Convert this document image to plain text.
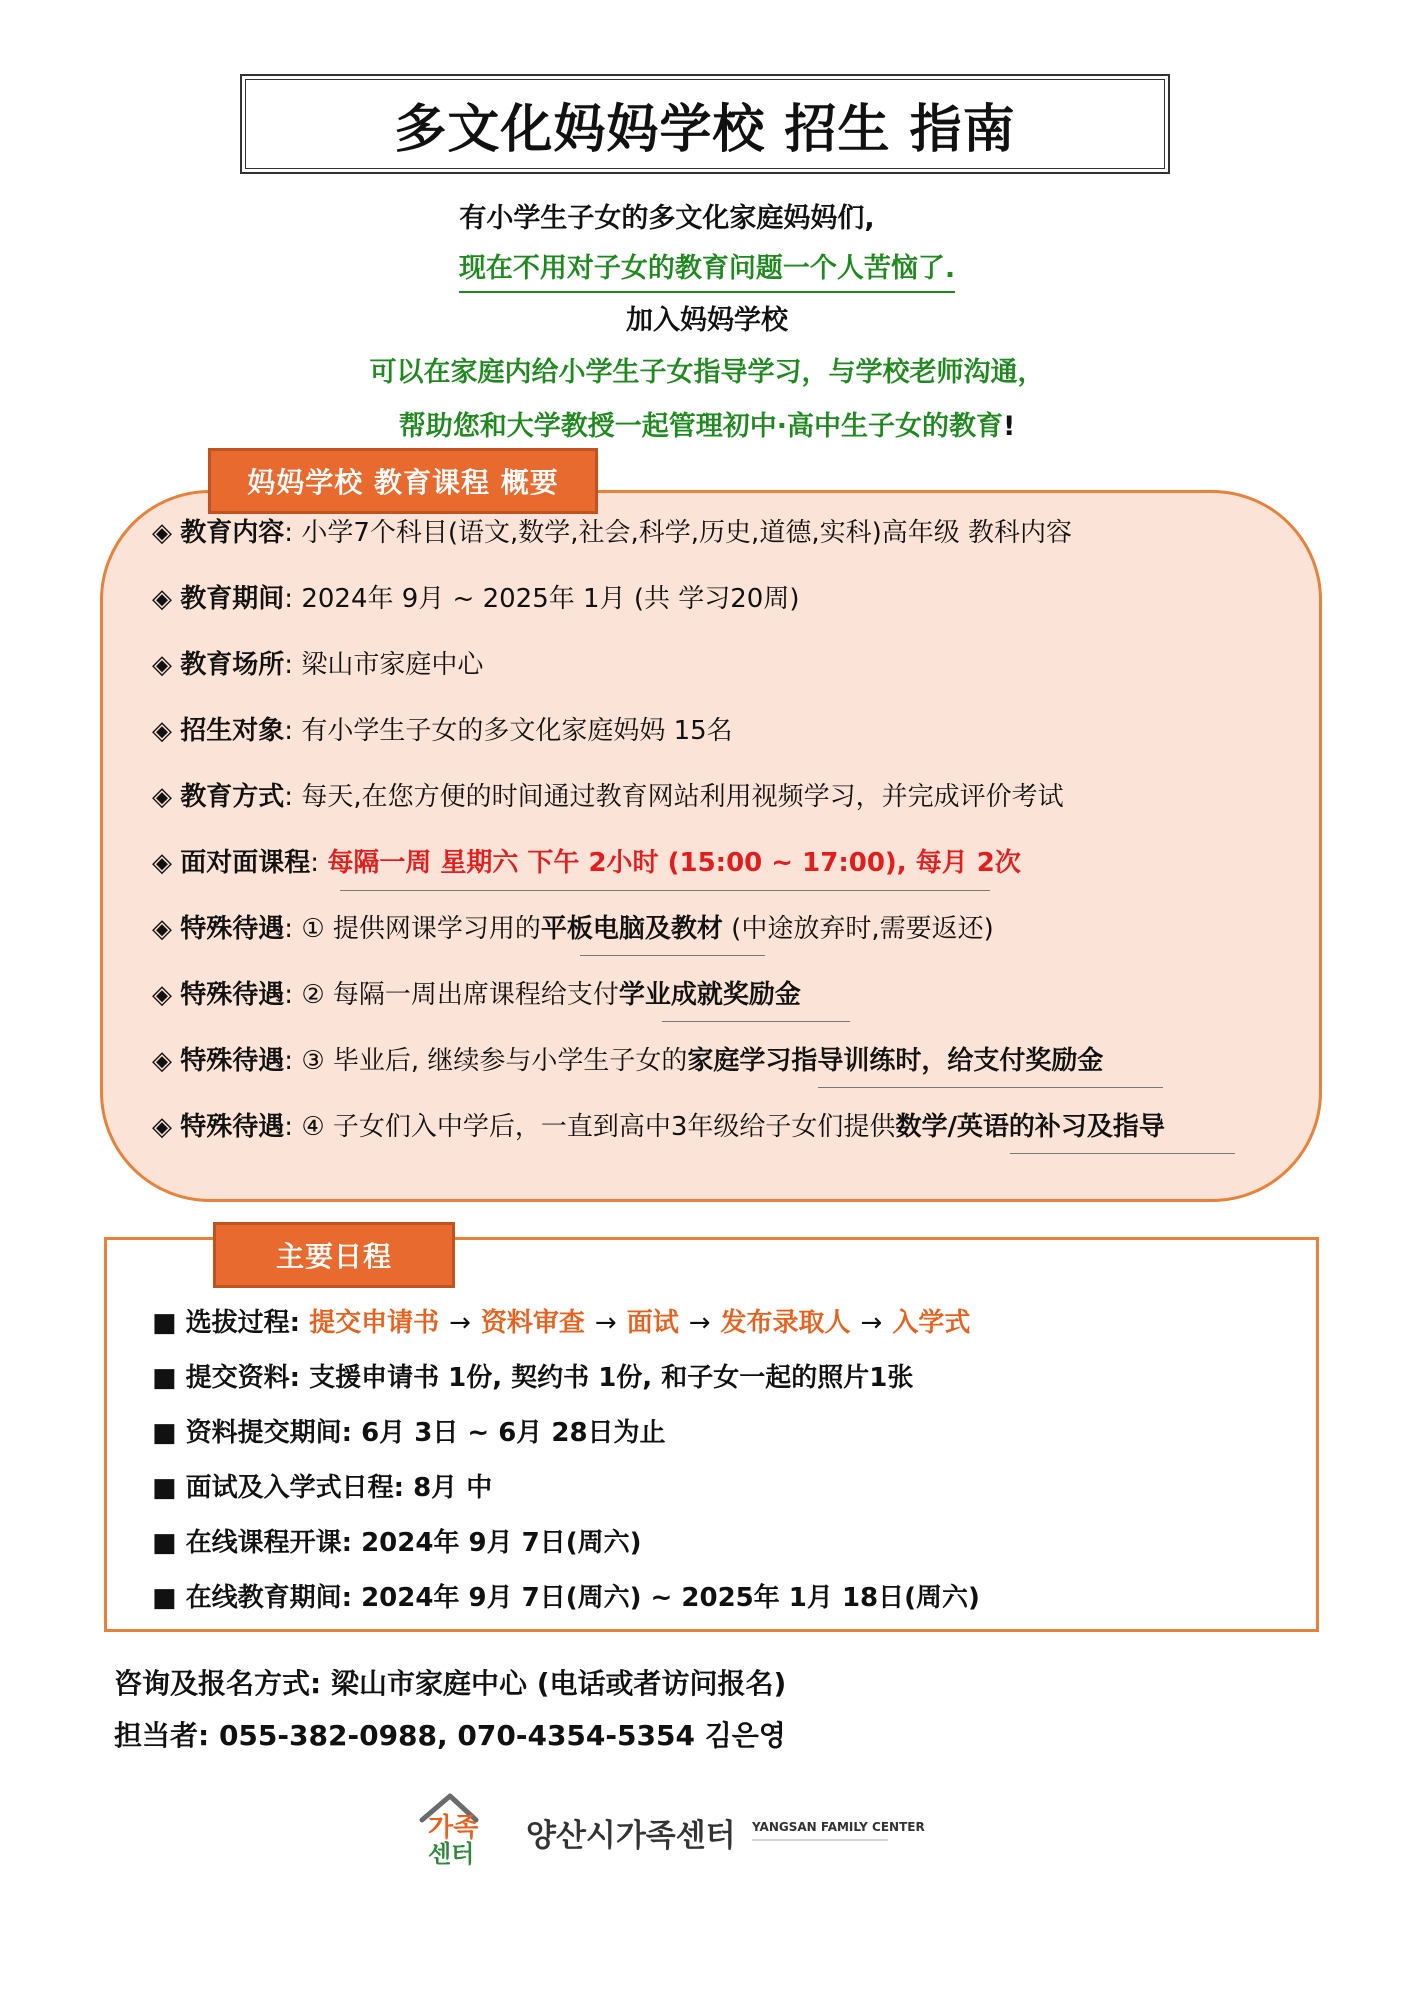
多文化妈妈学校 招生 指南
有小学生子女的多文化家庭妈妈们,
现在不用对子女的教育问题一个人苦恼了.
加入妈妈学校
可以在家庭内给小学生子女指导学习，与学校老师沟通，
帮助您和大学教授一起管理初中·高中生子女的教育!
妈妈学校 教育课程 概要
◈ 教育内容: 小学7个科目(语文,数学,社会,科学,历史,道德,实科)高年级 教科内容
◈ 教育期间: 2024年 9月 ~ 2025年 1月 (共 学习20周)
◈ 教育场所: 梁山市家庭中心
◈ 招生对象: 有小学生子女的多文化家庭妈妈 15名
◈ 教育方式: 每天,在您方便的时间通过教育网站利用视频学习，并完成评价考试
◈ 面对面课程: 每隔一周 星期六 下午 2小时 (15:00 ~ 17:00), 每月 2次
◈ 特殊待遇: ① 提供网课学习用的平板电脑及教材 (中途放弃时,需要返还)
◈ 特殊待遇: ② 每隔一周出席课程给支付学业成就奖励金
◈ 特殊待遇: ③ 毕业后, 继续参与小学生子女的家庭学习指导训练时，给支付奖励金
◈ 特殊待遇: ④ 子女们入中学后，一直到高中3年级给子女们提供数学/英语的补习及指导
主要日程
■ 选拔过程: 提交申请书 → 资料审查 → 面试 → 发布录取人 → 入学式
■ 提交资料: 支援申请书 1份, 契约书 1份, 和子女一起的照片1张
■ 资料提交期间: 6月 3日 ~ 6月 28日为止
■ 面试及入学式日程: 8月 中
■ 在线课程开课: 2024年 9月 7日(周六)
■ 在线教育期间: 2024年 9月 7日(周六) ~ 2025年 1月 18日(周六)
咨询及报名方式: 梁山市家庭中心 (电话或者访问报名)
担当者: 055-382-0988, 070-4354-5354 김은영
가족
센터 양산시가족센터 YANGSAN FAMILY CENTER
